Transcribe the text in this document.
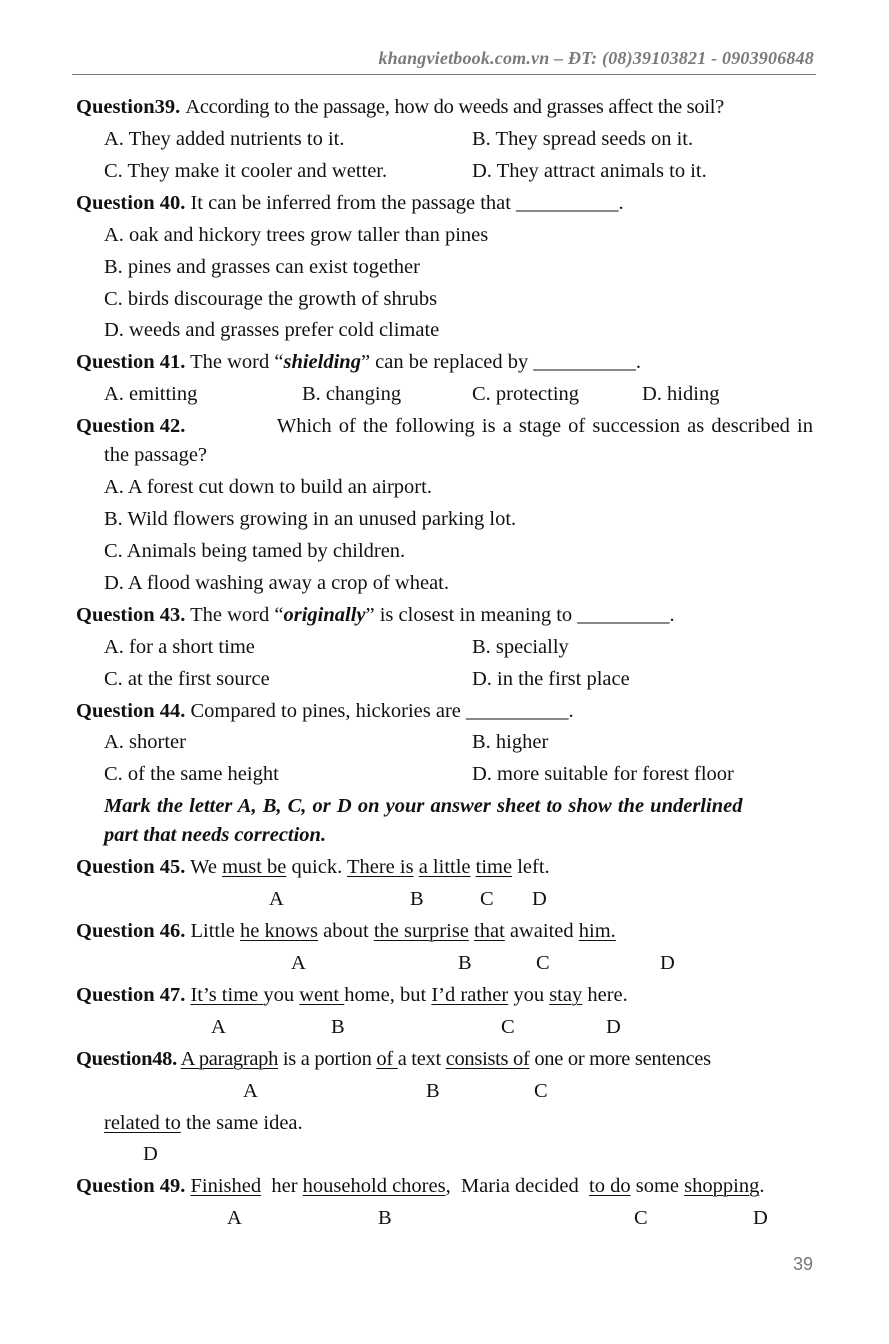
khangvietbook.com.vn – ĐT: (08)39103821 - 0903906848
Question39. According to the passage, how do weeds and grasses affect the soil?
A. They added nutrients to it.	B. They spread seeds on it.
C. They make it cooler and wetter.	D. They attract animals to it.
Question 40. It can be inferred from the passage that __________.
A. oak and hickory trees grow taller than pines
B. pines and grasses can exist together
C. birds discourage the growth of shrubs
D. weeds and grasses prefer cold climate
Question 41. The word “shielding” can be replaced by __________.
A. emitting	B. changing	C. protecting	D. hiding
Question 42.	Which of the following is a stage of succession as described in
the passage?
A. A forest cut down to build an airport.
B. Wild flowers growing in an unused parking lot.
C. Animals being tamed by children.
D. A flood washing away a crop of wheat.
Question 43. The word “originally” is closest in meaning to _________.
A. for a short time	B. specially
C. at the first source	D. in the first place
Question 44. Compared to pines, hickories are __________.
A. shorter	B. higher
C. of the same height	D. more suitable for forest floor
Mark the letter A, B, C, or D on your answer sheet to show the underlined
part that needs correction.
Question 45. We must be quick. There is a little time left.
A	B	C D
Question 46. Little he knows about the surprise that awaited him.
A	B	C	D
Question 47. It’s time you went home, but I’d rather you stay here.
A	B	C	D
Question48. A paragraph is a portion of a text consists of one or more sentences
A	B	C
related to the same idea.
D
Question 49. Finished  her household chores,  Maria decided  to do some shopping.
A	B	C	D
39
